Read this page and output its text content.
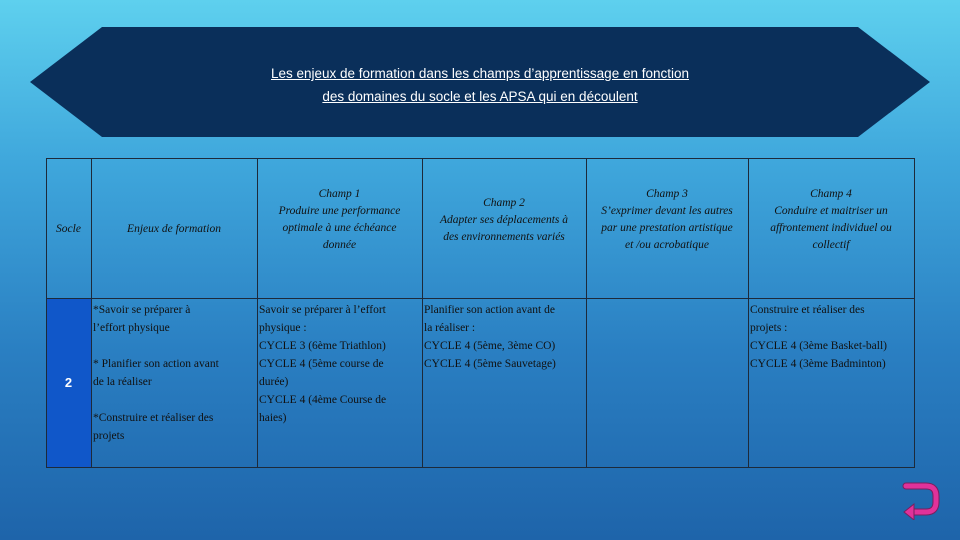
Les enjeux de formation dans les champs d’apprentissage en fonction
des domaines du socle et les APSA qui en découlent
Socle	Enjeux de formation
Champ 1
Produire une performance
optimale à une échéance
donnée
Champ 2
Adapter ses déplacements à
des environnements variés
Champ 3
S’exprimer devant les autres
par une prestation artistique
et /ou acrobatique
Champ 4
Conduire et maitriser un
affrontement individuel ou
collectif
2
*Savoir se préparer à
l’effort physique
* Planifier son action avant
de la réaliser
*Construire et réaliser des
projets
Savoir se préparer à l’effort
physique :
CYCLE 3 (6ème Triathlon)
CYCLE 4 (5ème course de
durée)
CYCLE 4 (4ème Course de
haies)
Planifier son action avant de
la réaliser :
CYCLE 4 (5ème, 3ème CO)
CYCLE 4 (5ème Sauvetage)
Construire et réaliser des
projets :
CYCLE 4 (3ème Basket-ball)
CYCLE 4 (3ème Badminton)
